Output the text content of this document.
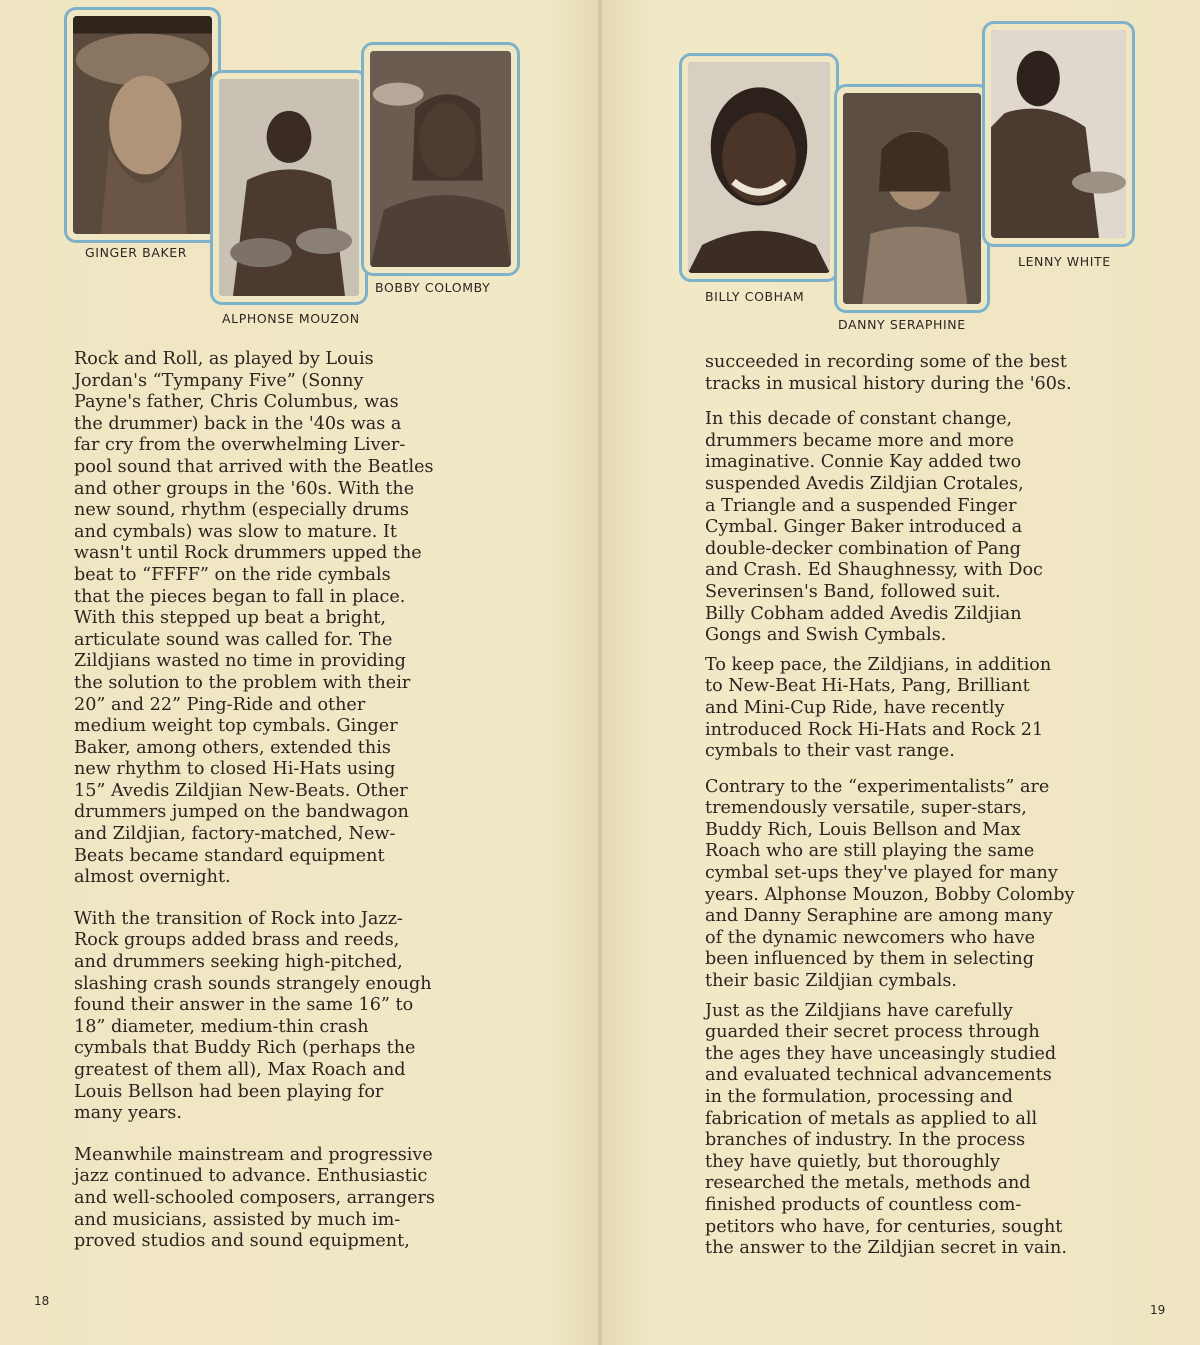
GINGER BAKER
ALPHONSE MOUZON
BOBBY COLOMBY
BILLY COBHAM
DANNY SERAPHINE
LENNY WHITE

Rock and Roll, as played by Louis
Jordan's “Tympany Five” (Sonny
Payne's father, Chris Columbus, was
the drummer) back in the '40s was a
far cry from the overwhelming Liver-
pool sound that arrived with the Beatles
and other groups in the '60s. With the
new sound, rhythm (especially drums
and cymbals) was slow to mature. It
wasn't until Rock drummers upped the
beat to “FFFF” on the ride cymbals
that the pieces began to fall in place.
With this stepped up beat a bright,
articulate sound was called for. The
Zildjians wasted no time in providing
the solution to the problem with their
20” and 22” Ping-Ride and other
medium weight top cymbals. Ginger
Baker, among others, extended this
new rhythm to closed Hi-Hats using
15” Avedis Zildjian New-Beats. Other
drummers jumped on the bandwagon
and Zildjian, factory-matched, New-
Beats became standard equipment
almost overnight.

With the transition of Rock into Jazz-
Rock groups added brass and reeds,
and drummers seeking high-pitched,
slashing crash sounds strangely enough
found their answer in the same 16” to
18” diameter, medium-thin crash
cymbals that Buddy Rich (perhaps the
greatest of them all), Max Roach and
Louis Bellson had been playing for
many years.

Meanwhile mainstream and progressive
jazz continued to advance. Enthusiastic
and well-schooled composers, arrangers
and musicians, assisted by much im-
proved studios and sound equipment,

succeeded in recording some of the best
tracks in musical history during the '60s.

In this decade of constant change,
drummers became more and more
imaginative. Connie Kay added two
suspended Avedis Zildjian Crotales,
a Triangle and a suspended Finger
Cymbal. Ginger Baker introduced a
double-decker combination of Pang
and Crash. Ed Shaughnessy, with Doc
Severinsen's Band, followed suit.
Billy Cobham added Avedis Zildjian
Gongs and Swish Cymbals.

To keep pace, the Zildjians, in addition
to New-Beat Hi-Hats, Pang, Brilliant
and Mini-Cup Ride, have recently
introduced Rock Hi-Hats and Rock 21
cymbals to their vast range.

Contrary to the “experimentalists” are
tremendously versatile, super-stars,
Buddy Rich, Louis Bellson and Max
Roach who are still playing the same
cymbal set-ups they've played for many
years. Alphonse Mouzon, Bobby Colomby
and Danny Seraphine are among many
of the dynamic newcomers who have
been influenced by them in selecting
their basic Zildjian cymbals.

Just as the Zildjians have carefully
guarded their secret process through
the ages they have unceasingly studied
and evaluated technical advancements
in the formulation, processing and
fabrication of metals as applied to all
branches of industry. In the process
they have quietly, but thoroughly
researched the metals, methods and
finished products of countless com-
petitors who have, for centuries, sought
the answer to the Zildjian secret in vain.

18
19
